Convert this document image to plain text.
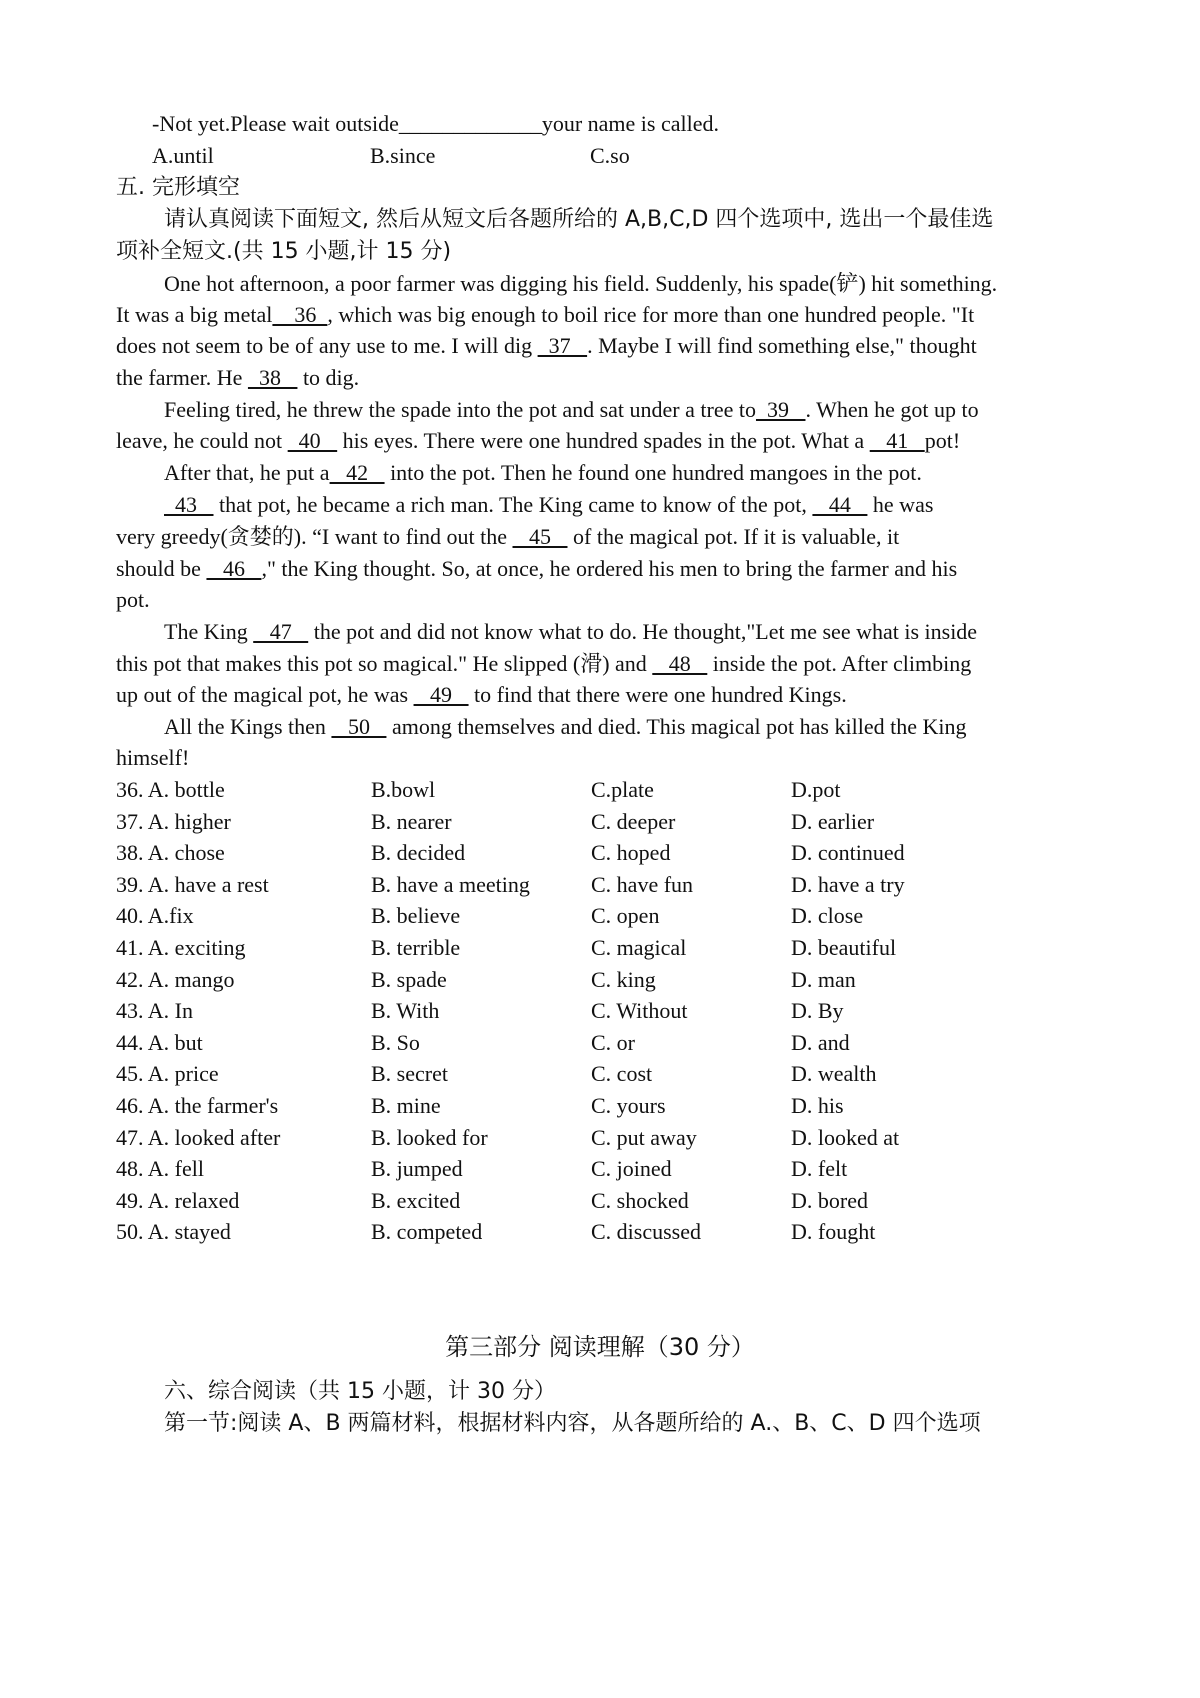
-Not yet.Please wait outside_____________your name is called.
A.until	B.since	C.so
五. 完形填空
请认真阅读下面短文, 然后从短文后各题所给的 A,B,C,D 四个选项中, 选出一个最佳选
项补全短文.(共 15 小题,计 15 分)
One hot afternoon, a poor farmer was digging his field. Suddenly, his spade(铲) hit something.
It was a big metal    36  , which was big enough to boil rice for more than one hundred people. "It
does not seem to be of any use to me. I will dig   37   . Maybe I will find something else," thought
the farmer. He   38    to dig.
Feeling tired, he threw the spade into the pot and sat under a tree to  39   . When he got up to
leave, he could not   40    his eyes. There were one hundred spades in the pot. What a    41   pot!
After that, he put a   42    into the pot. Then he found one hundred mangoes in the pot.
43    that pot, he became a rich man. The King came to know of the pot,    44    he was
very greedy(贪婪的). “I want to find out the    45    of the magical pot. If it is valuable, it
should be    46   ," the King thought. So, at once, he ordered his men to bring the farmer and his
pot.
The King    47    the pot and did not know what to do. He thought,"Let me see what is inside
this pot that makes this pot so magical." He slipped (滑) and    48    inside the pot. After climbing
up out of the magical pot, he was    49    to find that there were one hundred Kings.
All the Kings then    50    among themselves and died. This magical pot has killed the King
himself!
36. A. bottle	B.bowl	C.plate	D.pot
37. A. higher	B. nearer	C. deeper	D. earlier
38. A. chose	B. decided	C. hoped	D. continued
39. A. have a rest	B. have a meeting	C. have fun	D. have a try
40. A.fix	B. believe	C. open	D. close
41. A. exciting	B. terrible	C. magical	D. beautiful
42. A. mango	B. spade	C. king	D. man
43. A. In	B. With	C. Without	D. By
44. A. but	B. So	C. or	D. and
45. A. price	B. secret	C. cost	D. wealth
46. A. the farmer's	B. mine	C. yours	D. his
47. A. looked after	B. looked for	C. put away	D. looked at
48. A. fell	B. jumped	C. joined	D. felt
49. A. relaxed	B. excited	C. shocked	D. bored
50. A. stayed	B. competed	C. discussed	D. fought
第三部分 阅读理解（30 分）
六、综合阅读（共 15 小题，计 30 分）
第一节:阅读 A、B 两篇材料，根据材料内容，从各题所给的 A.、B、C、D 四个选项
